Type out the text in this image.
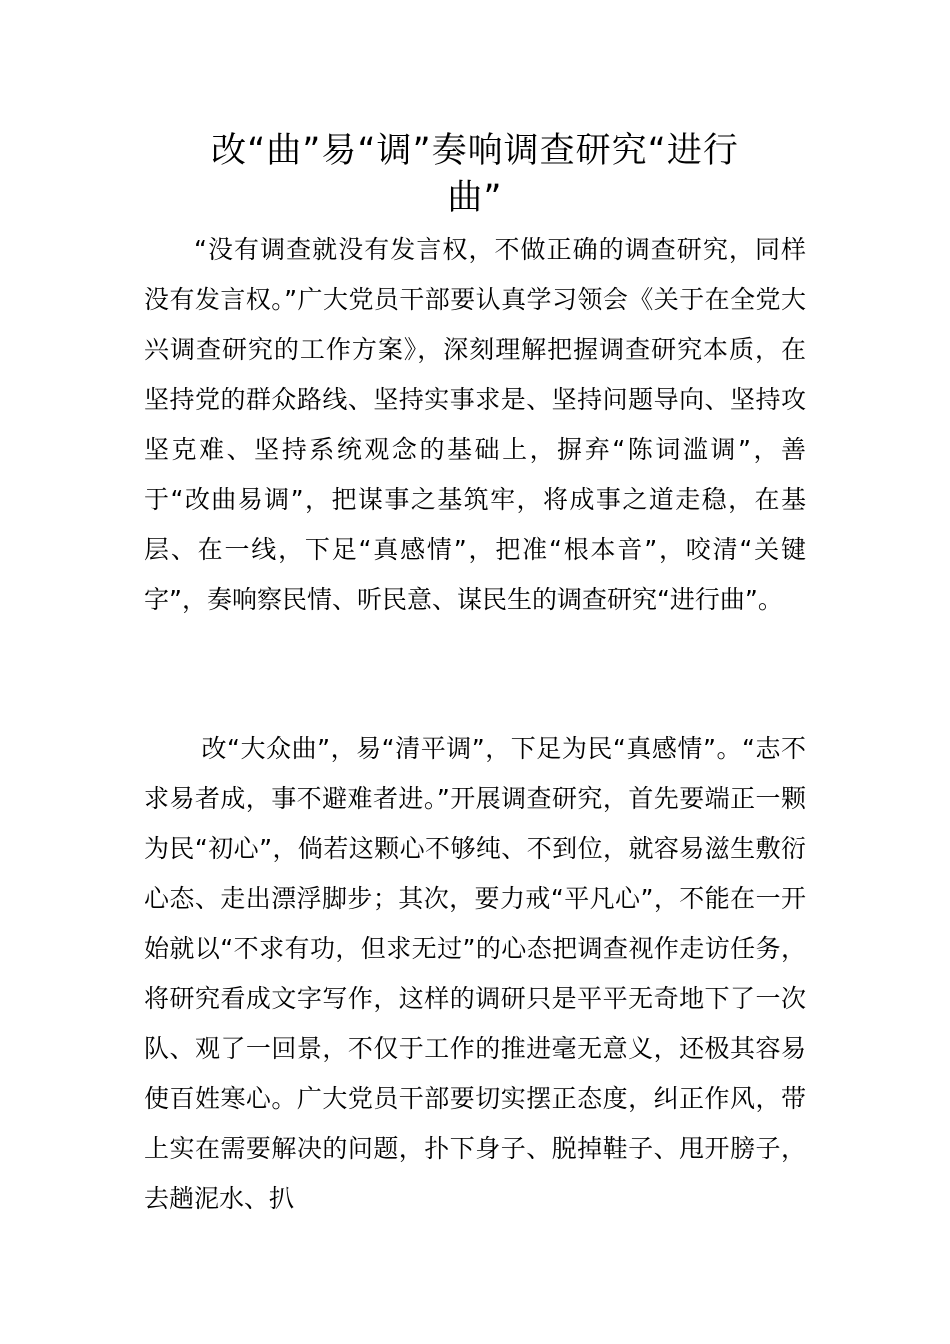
改“曲”易“调”奏响调查研究“进行
曲”

“没有调查就没有发言权，不做正确的调查研究，同样没有发言权。”广大党员干部要认真学习领会《关于在全党大兴调查研究的工作方案》，深刻理解把握调查研究本质，在坚持党的群众路线、坚持实事求是、坚持问题导向、坚持攻坚克难、坚持系统观念的基础上，摒弃“陈词滥调”，善于“改曲易调”，把谋事之基筑牢，将成事之道走稳，在基层、在一线，下足“真感情”，把准“根本音”，咬清“关键字”，奏响察民情、听民意、谋民生的调查研究“进行曲”。

改“大众曲”，易“清平调”，下足为民“真感情”。“志不求易者成，事不避难者进。”开展调查研究，首先要端正一颗为民“初心”，倘若这颗心不够纯、不到位，就容易滋生敷衍心态、走出漂浮脚步；其次，要力戒“平凡心”，不能在一开始就以“不求有功，但求无过”的心态把调查视作走访任务，将研究看成文字写作，这样的调研只是平平无奇地下了一次队、观了一回景，不仅于工作的推进毫无意义，还极其容易使百姓寒心。广大党员干部要切实摆正态度，纠正作风，带上实在需要解决的问题，扑下身子、脱掉鞋子、甩开膀子，去趟泥水、扒
